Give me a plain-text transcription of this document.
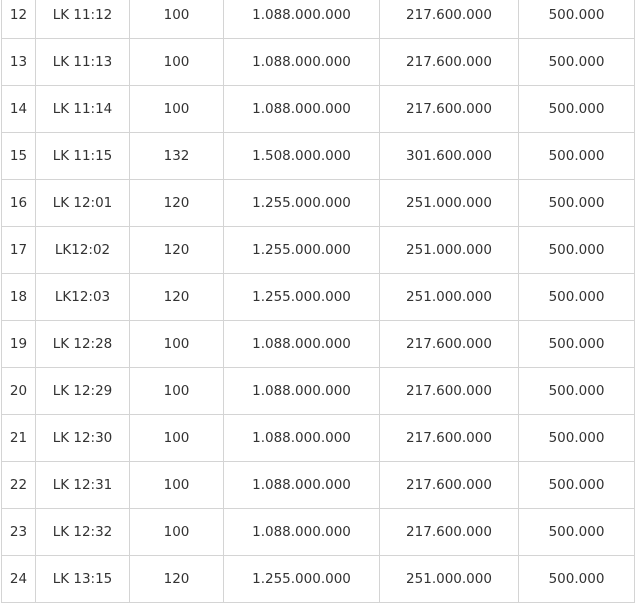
12	LK 11:12	100	1.088.000.000	217.600.000	500.000
13	LK 11:13	100	1.088.000.000	217.600.000	500.000
14	LK 11:14	100	1.088.000.000	217.600.000	500.000
15	LK 11:15	132	1.508.000.000	301.600.000	500.000
16	LK 12:01	120	1.255.000.000	251.000.000	500.000
17	LK12:02	120	1.255.000.000	251.000.000	500.000
18	LK12:03	120	1.255.000.000	251.000.000	500.000
19	LK 12:28	100	1.088.000.000	217.600.000	500.000
20	LK 12:29	100	1.088.000.000	217.600.000	500.000
21	LK 12:30	100	1.088.000.000	217.600.000	500.000
22	LK 12:31	100	1.088.000.000	217.600.000	500.000
23	LK 12:32	100	1.088.000.000	217.600.000	500.000
24	LK 13:15	120	1.255.000.000	251.000.000	500.000
